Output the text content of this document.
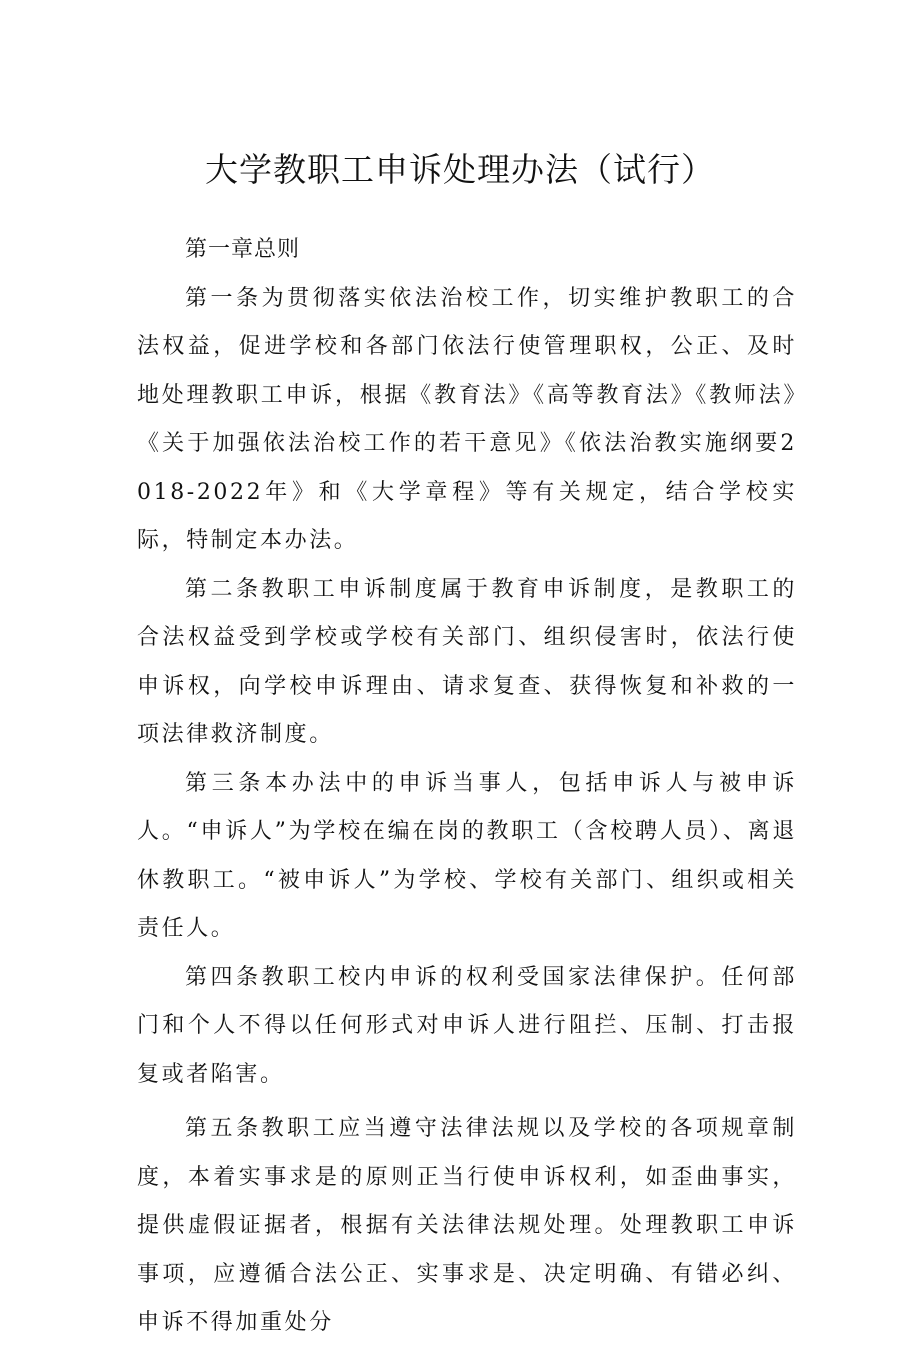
大学教职工申诉处理办法（试行）

第一章总则

第一条为贯彻落实依法治校工作，切实维护教职工的合法权益，促进学校和各部门依法行使管理职权，公正、及时地处理教职工申诉，根据《教育法》《高等教育法》《教师法》《关于加强依法治校工作的若干意见》《依法治教实施纲要2018-2022年》和《大学章程》等有关规定，结合学校实际，特制定本办法。

第二条教职工申诉制度属于教育申诉制度，是教职工的合法权益受到学校或学校有关部门、组织侵害时，依法行使申诉权，向学校申诉理由、请求复查、获得恢复和补救的一项法律救济制度。

第三条本办法中的申诉当事人，包括申诉人与被申诉人。“申诉人”为学校在编在岗的教职工（含校聘人员）、离退休教职工。“被申诉人”为学校、学校有关部门、组织或相关责任人。

第四条教职工校内申诉的权利受国家法律保护。任何部门和个人不得以任何形式对申诉人进行阻拦、压制、打击报复或者陷害。

第五条教职工应当遵守法律法规以及学校的各项规章制度，本着实事求是的原则正当行使申诉权利，如歪曲事实，提供虚假证据者，根据有关法律法规处理。处理教职工申诉事项，应遵循合法公正、实事求是、决定明确、有错必纠、申诉不得加重处分
